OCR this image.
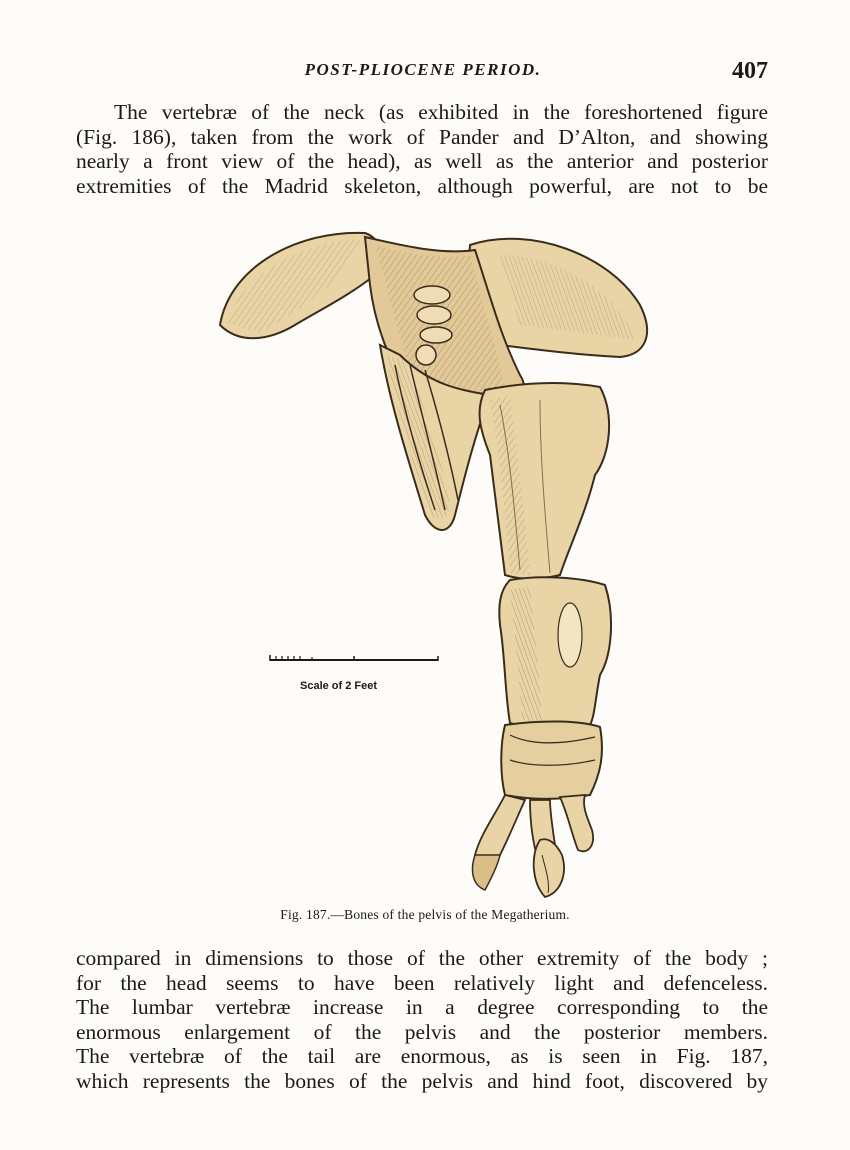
POST-PLIOCENE PERIOD.	407
The vertebræ of the neck (as exhibited in the foreshortened figure
(Fig. 186), taken from the work of Pander and D’Alton, and showing
nearly a front view of the head), as well as the anterior and posterior
extremities of the Madrid skeleton, although powerful, are not to be
Scale of 2 Feet
Fig. 187.—Bones of the pelvis of the Megatherium.
compared in dimensions to those of the other extremity of the body ;
for the head seems to have been relatively light and defenceless.
The lumbar vertebræ increase in a degree corresponding to the
enormous enlargement of the pelvis and the posterior members.
The vertebræ of the tail are enormous, as is seen in Fig. 187,
which represents the bones of the pelvis and hind foot, discovered by
